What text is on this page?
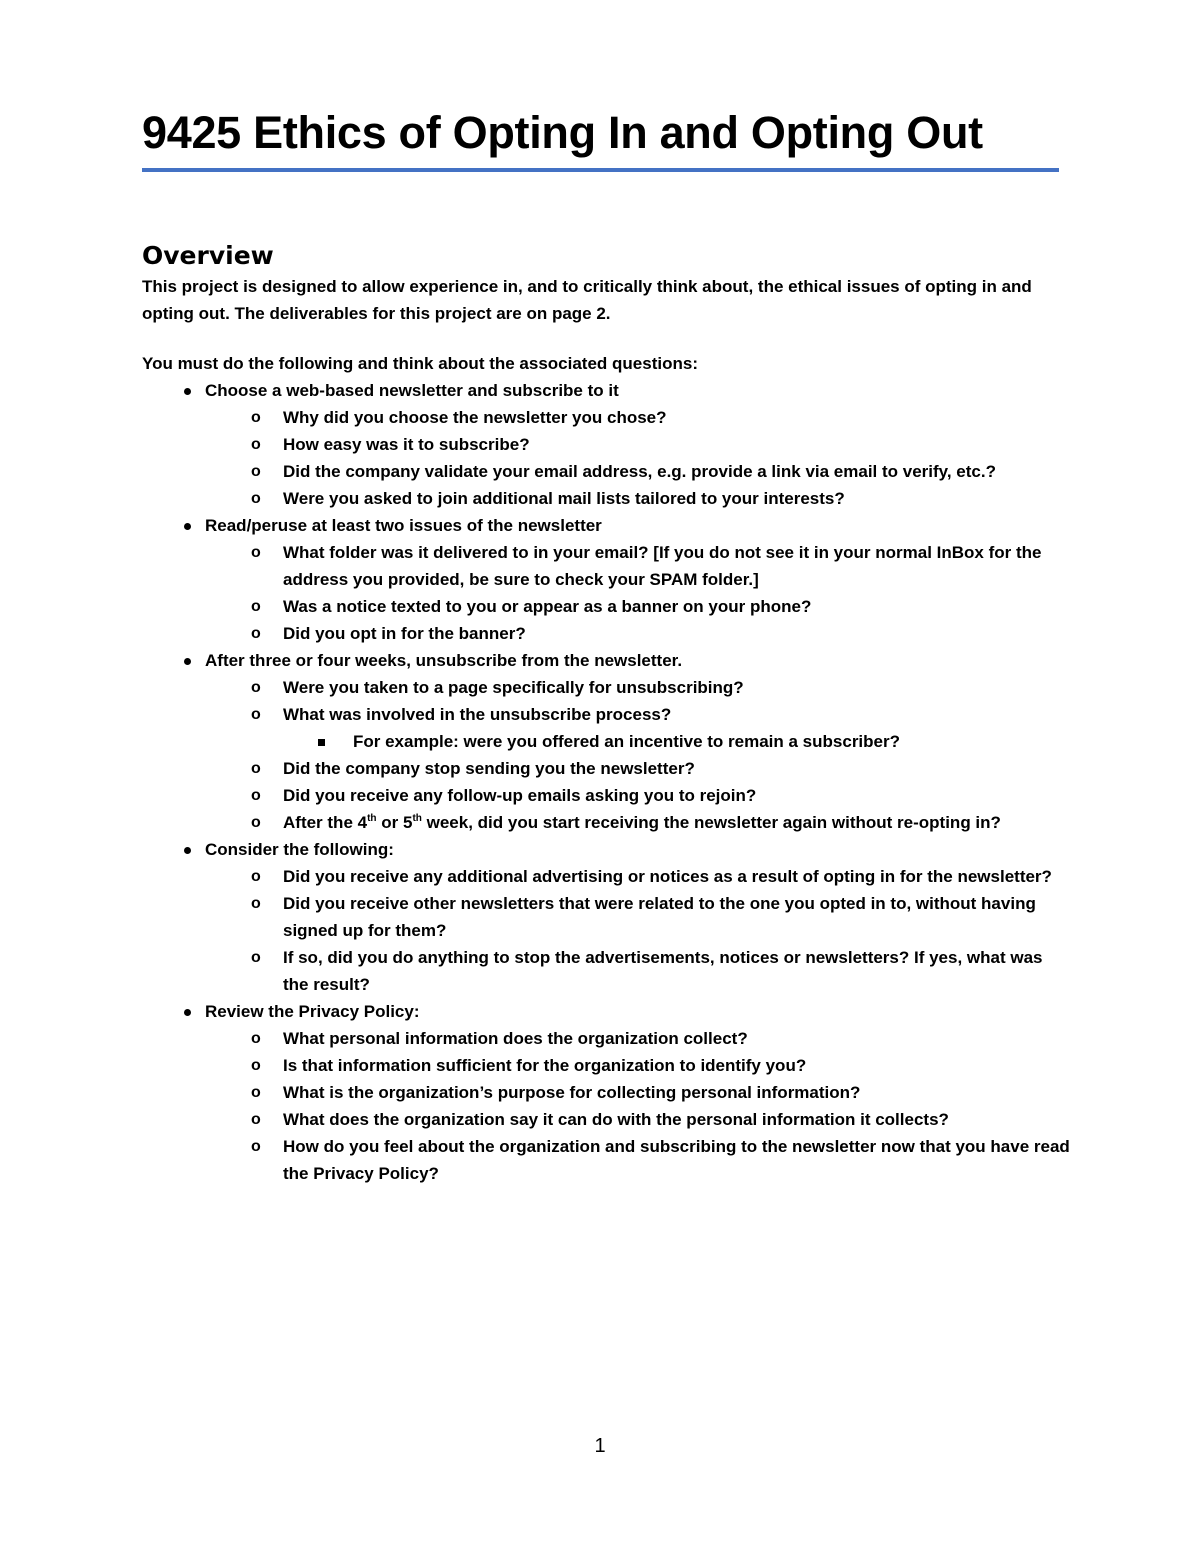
9425 Ethics of Opting In and Opting Out
Overview

This project is designed to allow experience in, and to critically think about, the ethical issues of opting in and opting out. The deliverables for this project are on page 2.

You must do the following and think about the associated questions:

Choose a web-based newsletter and subscribe to it
o Why did you choose the newsletter you chose?
o How easy was it to subscribe?
o Did the company validate your email address, e.g. provide a link via email to verify, etc.?
o Were you asked to join additional mail lists tailored to your interests?
Read/peruse at least two issues of the newsletter
o What folder was it delivered to in your email? [If you do not see it in your normal InBox for the address you provided, be sure to check your SPAM folder.]
o Was a notice texted to you or appear as a banner on your phone?
o Did you opt in for the banner?
After three or four weeks, unsubscribe from the newsletter.
o Were you taken to a page specifically for unsubscribing?
o What was involved in the unsubscribe process?
For example: were you offered an incentive to remain a subscriber?
o Did the company stop sending you the newsletter?
o Did you receive any follow-up emails asking you to rejoin?
o After the 4th or 5th week, did you start receiving the newsletter again without re-opting in?
Consider the following:
o Did you receive any additional advertising or notices as a result of opting in for the newsletter?
o Did you receive other newsletters that were related to the one you opted in to, without having signed up for them?
o If so, did you do anything to stop the advertisements, notices or newsletters? If yes, what was the result?
Review the Privacy Policy:
o What personal information does the organization collect?
o Is that information sufficient for the organization to identify you?
o What is the organization’s purpose for collecting personal information?
o What does the organization say it can do with the personal information it collects?
o How do you feel about the organization and subscribing to the newsletter now that you have read the Privacy Policy?
1
